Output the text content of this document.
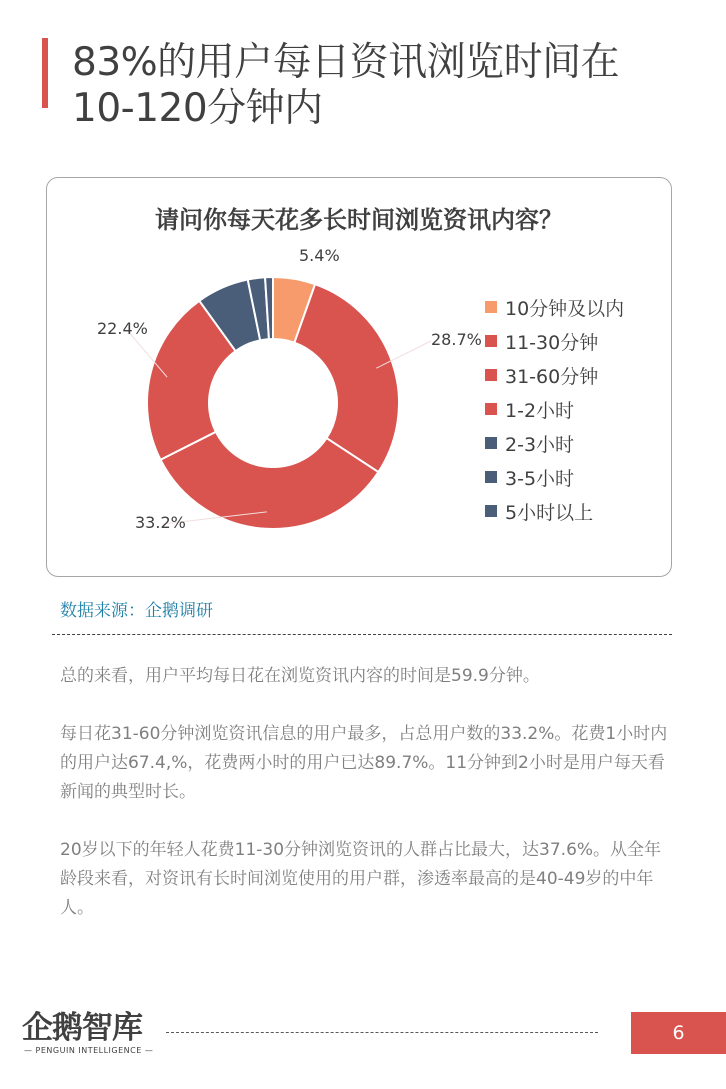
83%的用户每日资讯浏览时间在
10-120分钟内
请问你每天花多长时间浏览资讯内容？
5.4%
28.7%
33.2%
22.4%
10分钟及以内
11-30分钟
31-60分钟
1-2小时
2-3小时
3-5小时
5小时以上
数据来源：企鹅调研

总的来看，用户平均每日花在浏览资讯内容的时间是59.9分钟。

每日花31-60分钟浏览资讯信息的用户最多，占总用户数的33.2%。花费1小时内的用户达67.4,%，花费两小时的用户已达89.7%。11分钟到2小时是用户每天看新闻的典型时长。

20岁以下的年轻人花费11-30分钟浏览资讯的人群占比最大，达37.6%。从全年龄段来看，对资讯有长时间浏览使用的用户群，渗透率最高的是40-49岁的中年人。

企鹅智库
— PENGUIN INTELLIGENCE —
6
